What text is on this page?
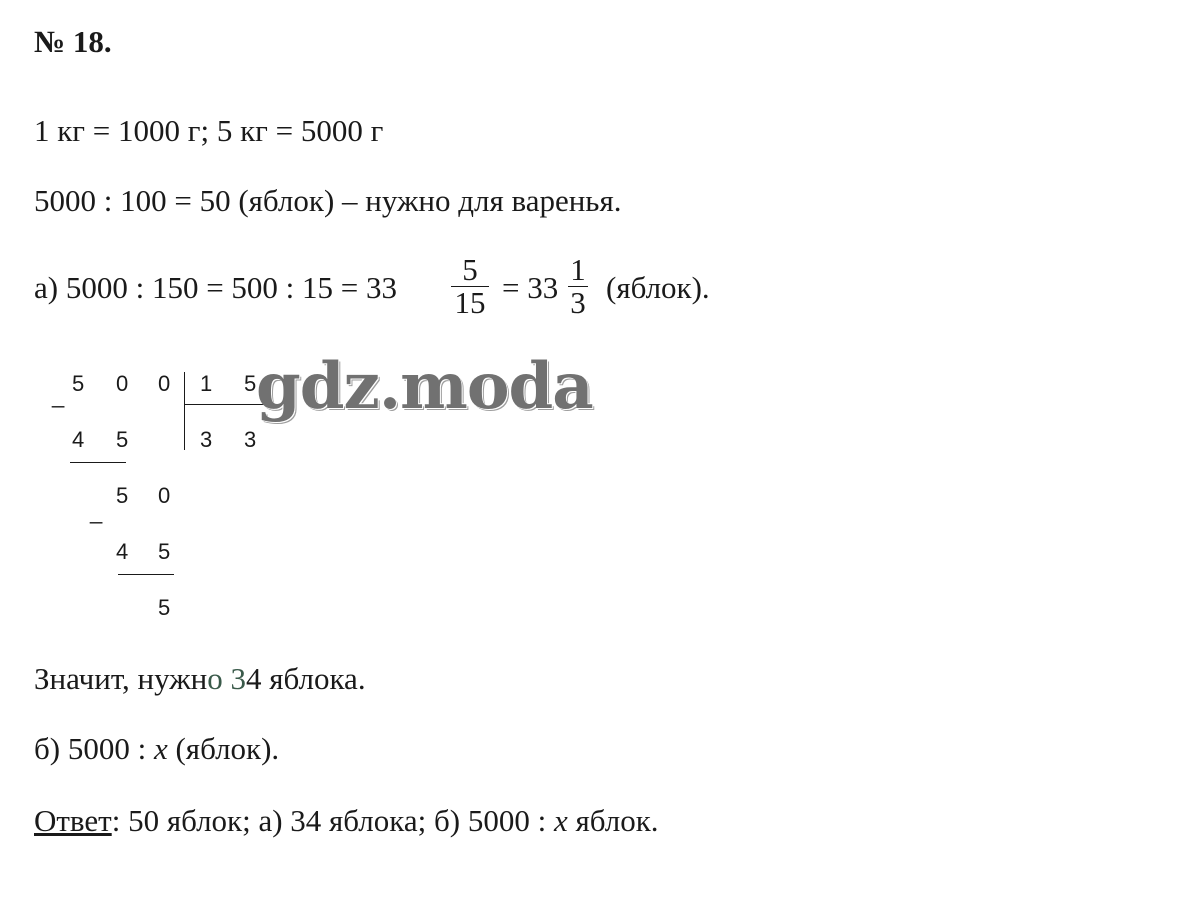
№ 18.
1 кг = 1000 г; 5 кг = 5000 г
5000 : 100 = 50 (яблок) – нужно для варенья.
а) 5000 : 150 = 500 : 15 = 33
5
15 = 33
1
3 (яблок).
_ 5 0 0 1 5
3 3
4 5
_
5 0
4 5
5
gdz.moda
Значит, нужно 34 яблока.
б) 5000 : x (яблок).
Ответ: 50 яблок; а) 34 яблока; б) 5000 : x яблок.
